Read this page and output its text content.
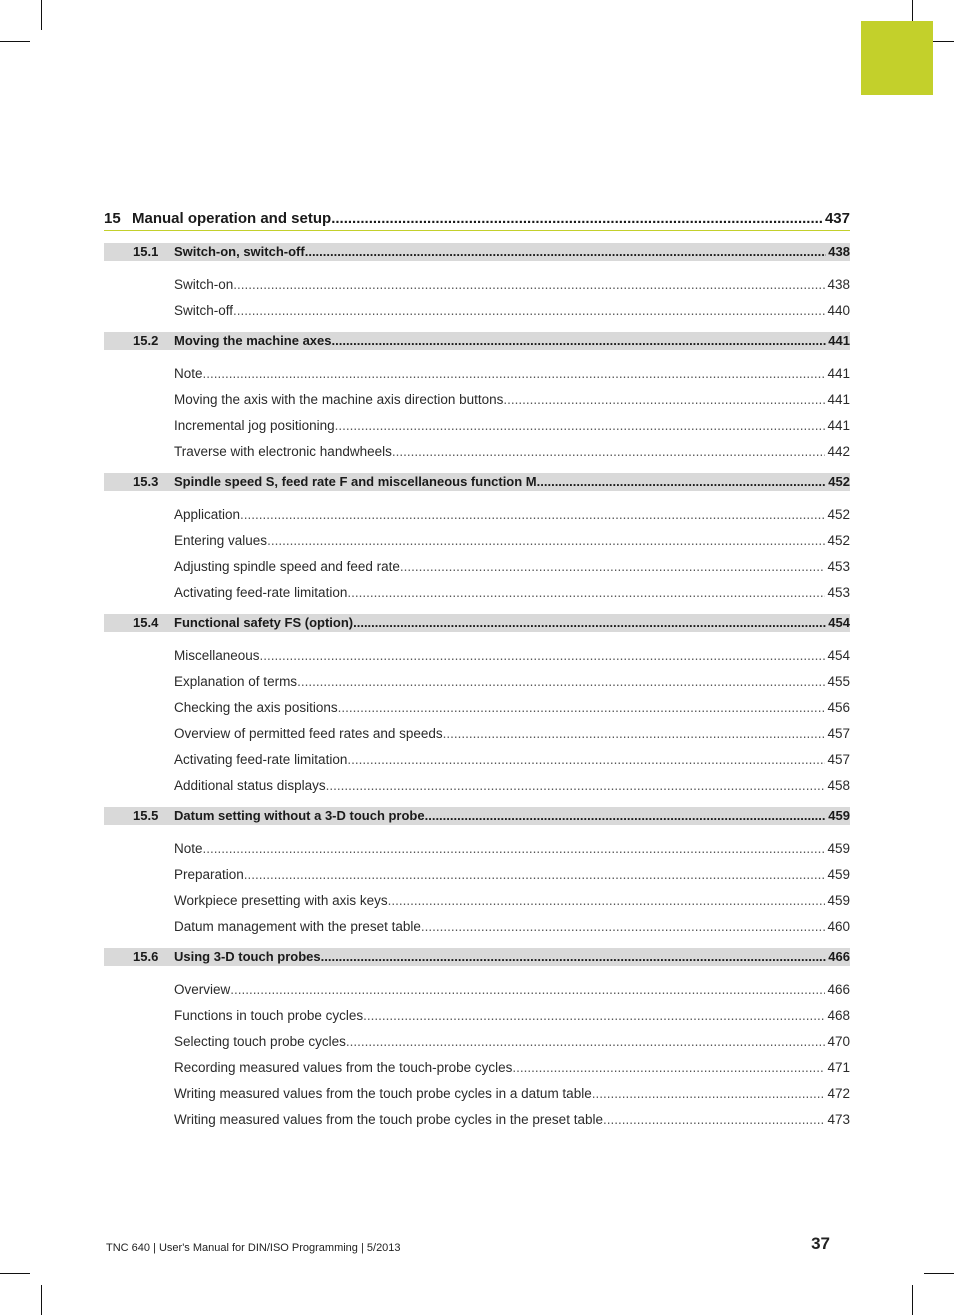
15 Manual operation and setup .....	437
15.1	Switch-on, switch-off .....	438
Switch-on .....	438
Switch-off .....	440
15.2	Moving the machine axes .....	441
Note .....	441
Moving the axis with the machine axis direction buttons .....	441
Incremental jog positioning .....	441
Traverse with electronic handwheels .....	442
15.3	Spindle speed S, feed rate F and miscellaneous function M .....	452
Application .....	452
Entering values .....	452
Adjusting spindle speed and feed rate .....	453
Activating feed-rate limitation .....	453
15.4	Functional safety FS (option) .....	454
Miscellaneous .....	454
Explanation of terms .....	455
Checking the axis positions .....	456
Overview of permitted feed rates and speeds .....	457
Activating feed-rate limitation .....	457
Additional status displays .....	458
15.5	Datum setting without a 3-D touch probe .....	459
Note .....	459
Preparation .....	459
Workpiece presetting with axis keys .....	459
Datum management with the preset table .....	460
15.6	Using 3-D touch probes .....	466
Overview .....	466
Functions in touch probe cycles .....	468
Selecting touch probe cycles .....	470
Recording measured values from the touch-probe cycles .....	471
Writing measured values from the touch probe cycles in a datum table .....	472
Writing measured values from the touch probe cycles in the preset table .....	473
TNC 640 | User's Manual for DIN/ISO Programming | 5/2013	37
